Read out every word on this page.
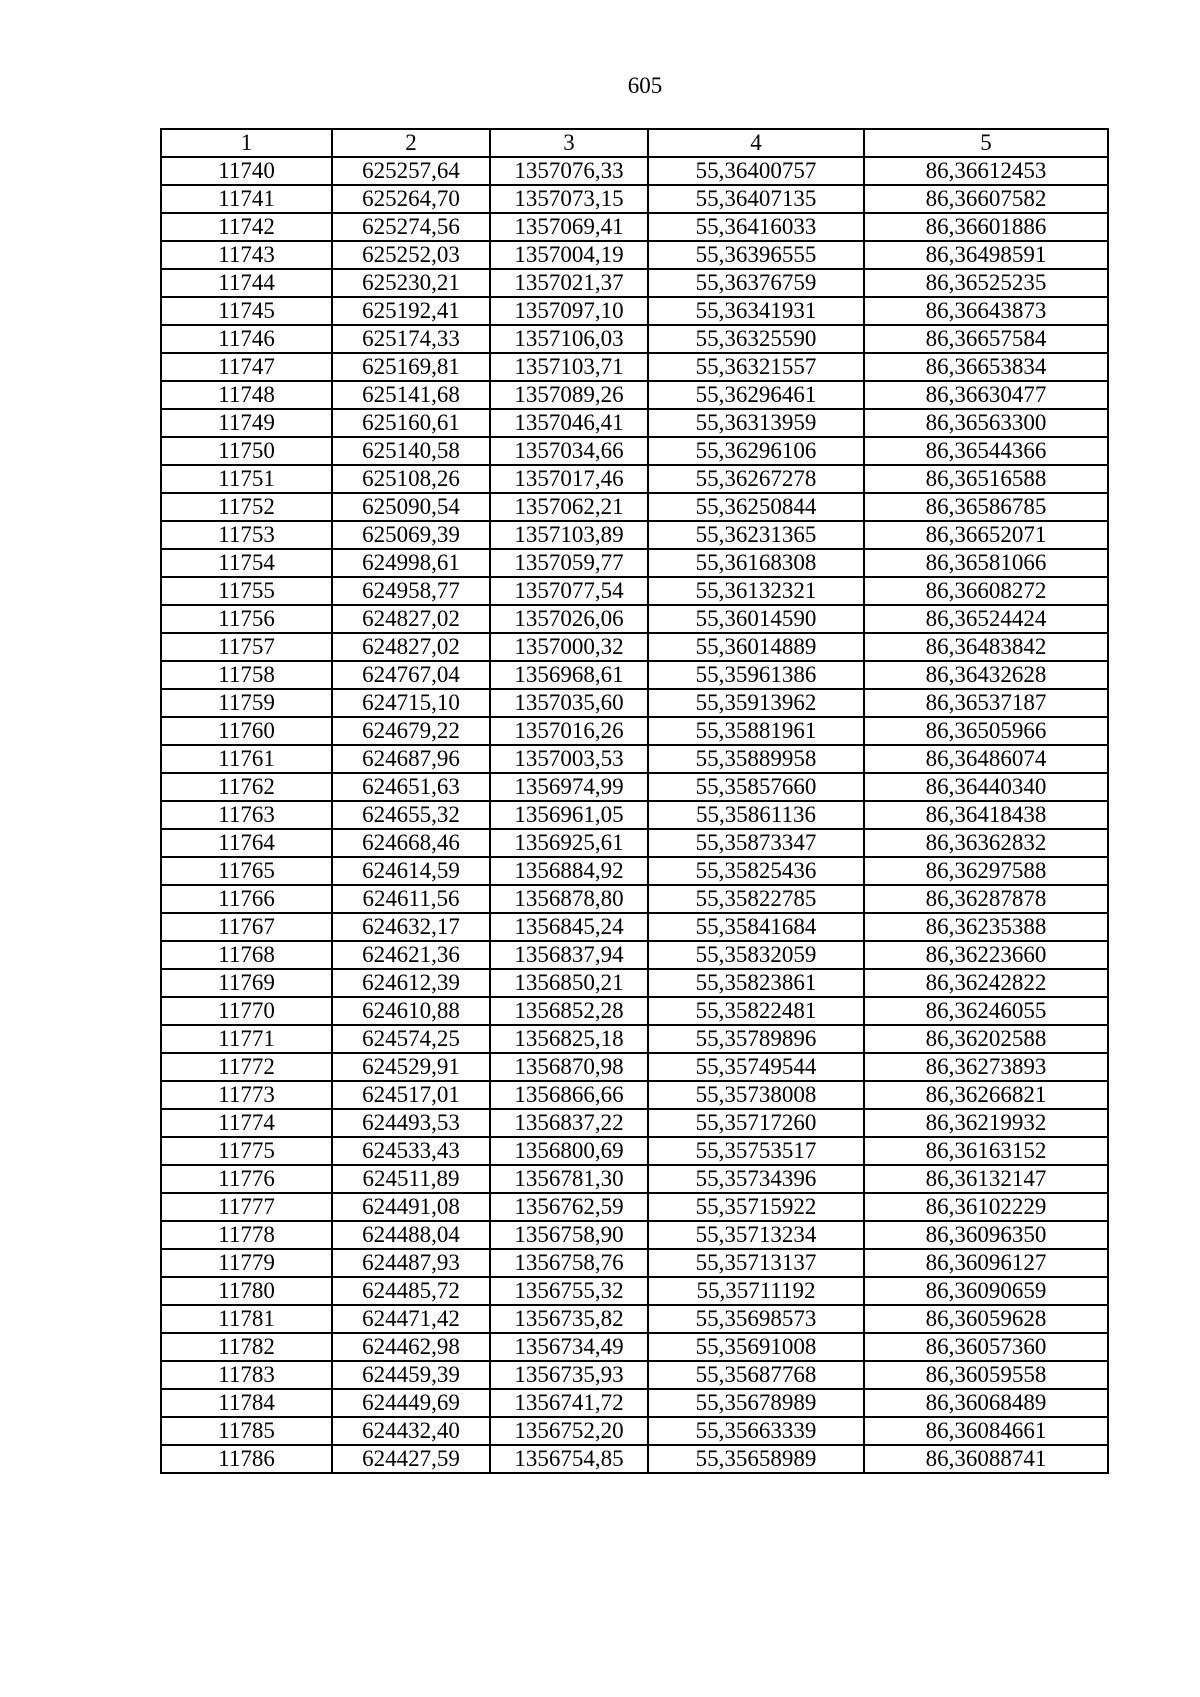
605
1	2	3	4	5
11740	625257,64	1357076,33	55,36400757	86,36612453
11741	625264,70	1357073,15	55,36407135	86,36607582
11742	625274,56	1357069,41	55,36416033	86,36601886
11743	625252,03	1357004,19	55,36396555	86,36498591
11744	625230,21	1357021,37	55,36376759	86,36525235
11745	625192,41	1357097,10	55,36341931	86,36643873
11746	625174,33	1357106,03	55,36325590	86,36657584
11747	625169,81	1357103,71	55,36321557	86,36653834
11748	625141,68	1357089,26	55,36296461	86,36630477
11749	625160,61	1357046,41	55,36313959	86,36563300
11750	625140,58	1357034,66	55,36296106	86,36544366
11751	625108,26	1357017,46	55,36267278	86,36516588
11752	625090,54	1357062,21	55,36250844	86,36586785
11753	625069,39	1357103,89	55,36231365	86,36652071
11754	624998,61	1357059,77	55,36168308	86,36581066
11755	624958,77	1357077,54	55,36132321	86,36608272
11756	624827,02	1357026,06	55,36014590	86,36524424
11757	624827,02	1357000,32	55,36014889	86,36483842
11758	624767,04	1356968,61	55,35961386	86,36432628
11759	624715,10	1357035,60	55,35913962	86,36537187
11760	624679,22	1357016,26	55,35881961	86,36505966
11761	624687,96	1357003,53	55,35889958	86,36486074
11762	624651,63	1356974,99	55,35857660	86,36440340
11763	624655,32	1356961,05	55,35861136	86,36418438
11764	624668,46	1356925,61	55,35873347	86,36362832
11765	624614,59	1356884,92	55,35825436	86,36297588
11766	624611,56	1356878,80	55,35822785	86,36287878
11767	624632,17	1356845,24	55,35841684	86,36235388
11768	624621,36	1356837,94	55,35832059	86,36223660
11769	624612,39	1356850,21	55,35823861	86,36242822
11770	624610,88	1356852,28	55,35822481	86,36246055
11771	624574,25	1356825,18	55,35789896	86,36202588
11772	624529,91	1356870,98	55,35749544	86,36273893
11773	624517,01	1356866,66	55,35738008	86,36266821
11774	624493,53	1356837,22	55,35717260	86,36219932
11775	624533,43	1356800,69	55,35753517	86,36163152
11776	624511,89	1356781,30	55,35734396	86,36132147
11777	624491,08	1356762,59	55,35715922	86,36102229
11778	624488,04	1356758,90	55,35713234	86,36096350
11779	624487,93	1356758,76	55,35713137	86,36096127
11780	624485,72	1356755,32	55,35711192	86,36090659
11781	624471,42	1356735,82	55,35698573	86,36059628
11782	624462,98	1356734,49	55,35691008	86,36057360
11783	624459,39	1356735,93	55,35687768	86,36059558
11784	624449,69	1356741,72	55,35678989	86,36068489
11785	624432,40	1356752,20	55,35663339	86,36084661
11786	624427,59	1356754,85	55,35658989	86,36088741
